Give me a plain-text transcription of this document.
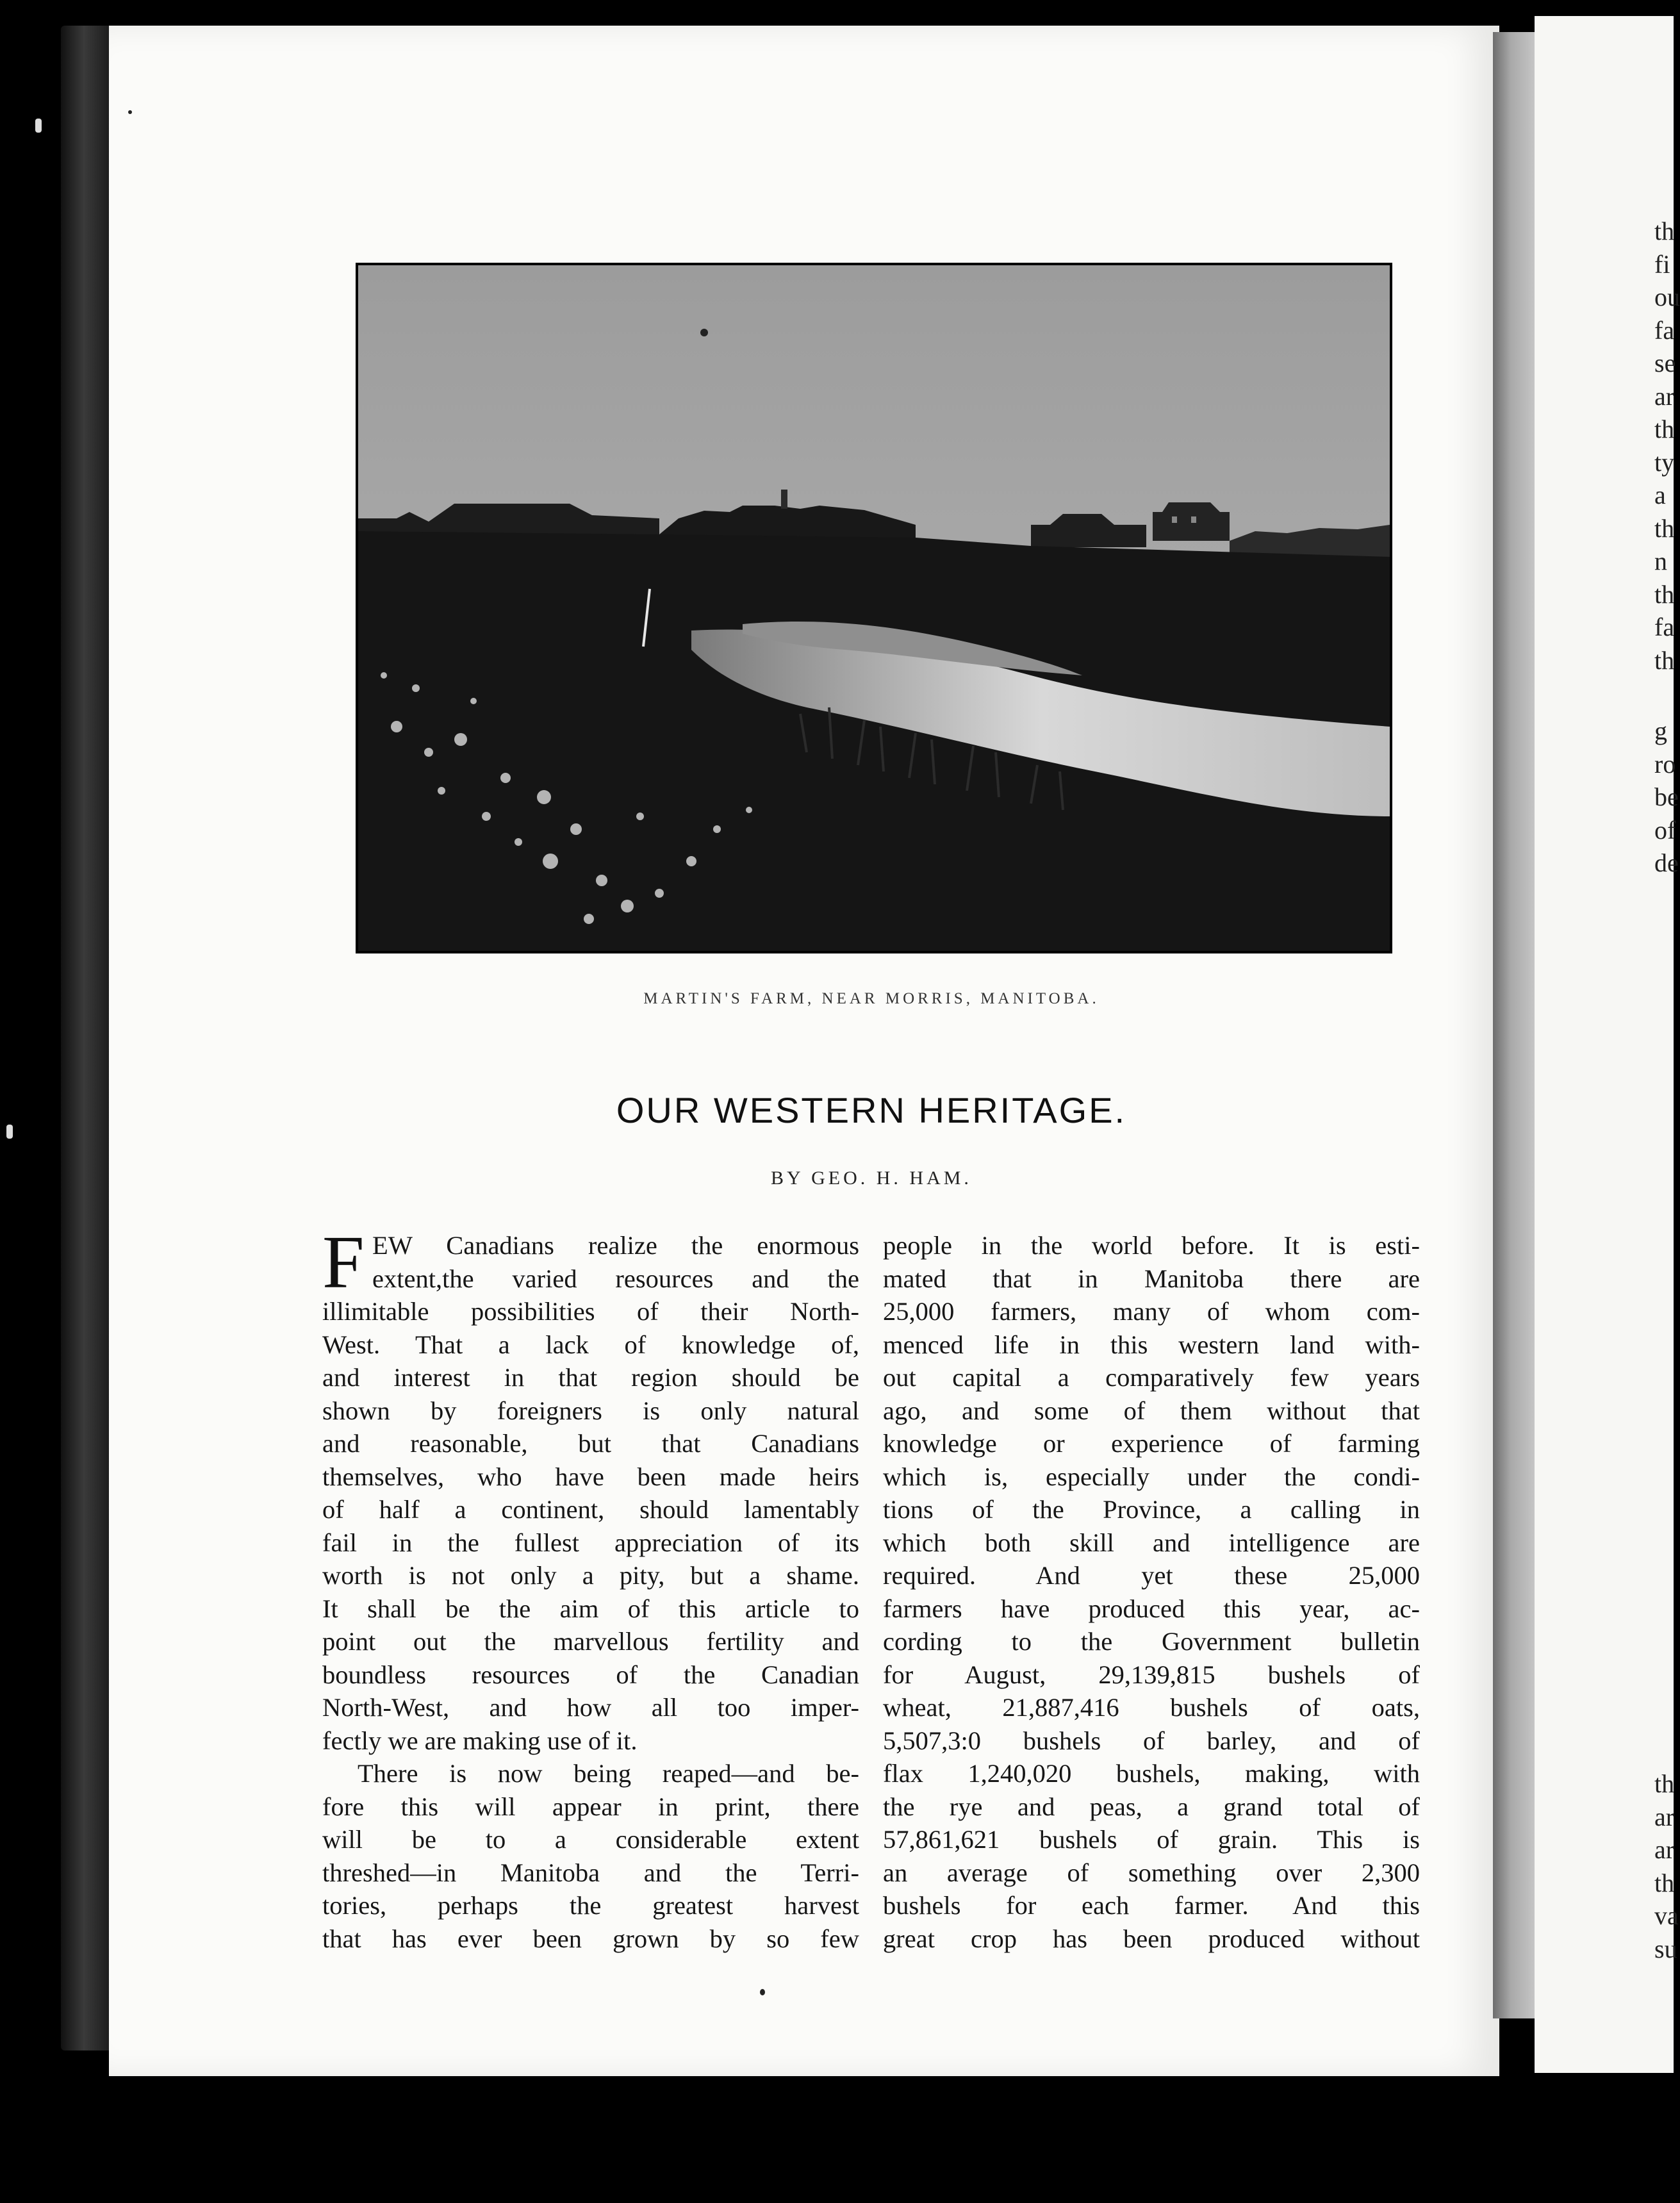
MARTIN'S FARM, NEAR MORRIS, MANITOBA.
OUR WESTERN HERITAGE.
BY GEO. H. HAM.
F EW Canadians realize the enormous
extent,the varied resources and the
illimitable possibilities of their North-
West. That a lack of knowledge of,
and interest in that region should be
shown by foreigners is only natural
and reasonable, but that Canadians
themselves, who have been made heirs
of half a continent, should lamentably
fail in the fullest appreciation of its
worth is not only a pity, but a shame.
It shall be the aim of this article to
point out the marvellous fertility and
boundless resources of the Canadian
North-West, and how all too imper-
fectly we are making use of it.
There is now being reaped—and be-
fore this will appear in print, there
will be to a considerable extent
threshed—in Manitoba and the Terri-
tories, perhaps the greatest harvest
that has ever been grown by so few
people in the world before. It is esti-
mated that in Manitoba there are
25,000 farmers, many of whom com-
menced life in this western land with-
out capital a comparatively few years
ago, and some of them without that
knowledge or experience of farming
which is, especially under the condi-
tions of the Province, a calling in
which both skill and intelligence are
required. And yet these 25,000
farmers have produced this year, ac-
cording to the Government bulletin
for August, 29,139,815 bushels of
wheat, 21,887,416 bushels of oats,
5,507,3:0 bushels of barley, and of
flax 1,240,020 bushels, making, with
the rye and peas, a grand total of
57,861,621 bushels of grain. This is
an average of something over 2,300
bushels for each farmer. And this
great crop has been produced without
th
fi
ou
fa
se
ar
th
ty
a
th
n
th
fa
th
g
ro
be
of
de
th
ar
ar
th
va
su
